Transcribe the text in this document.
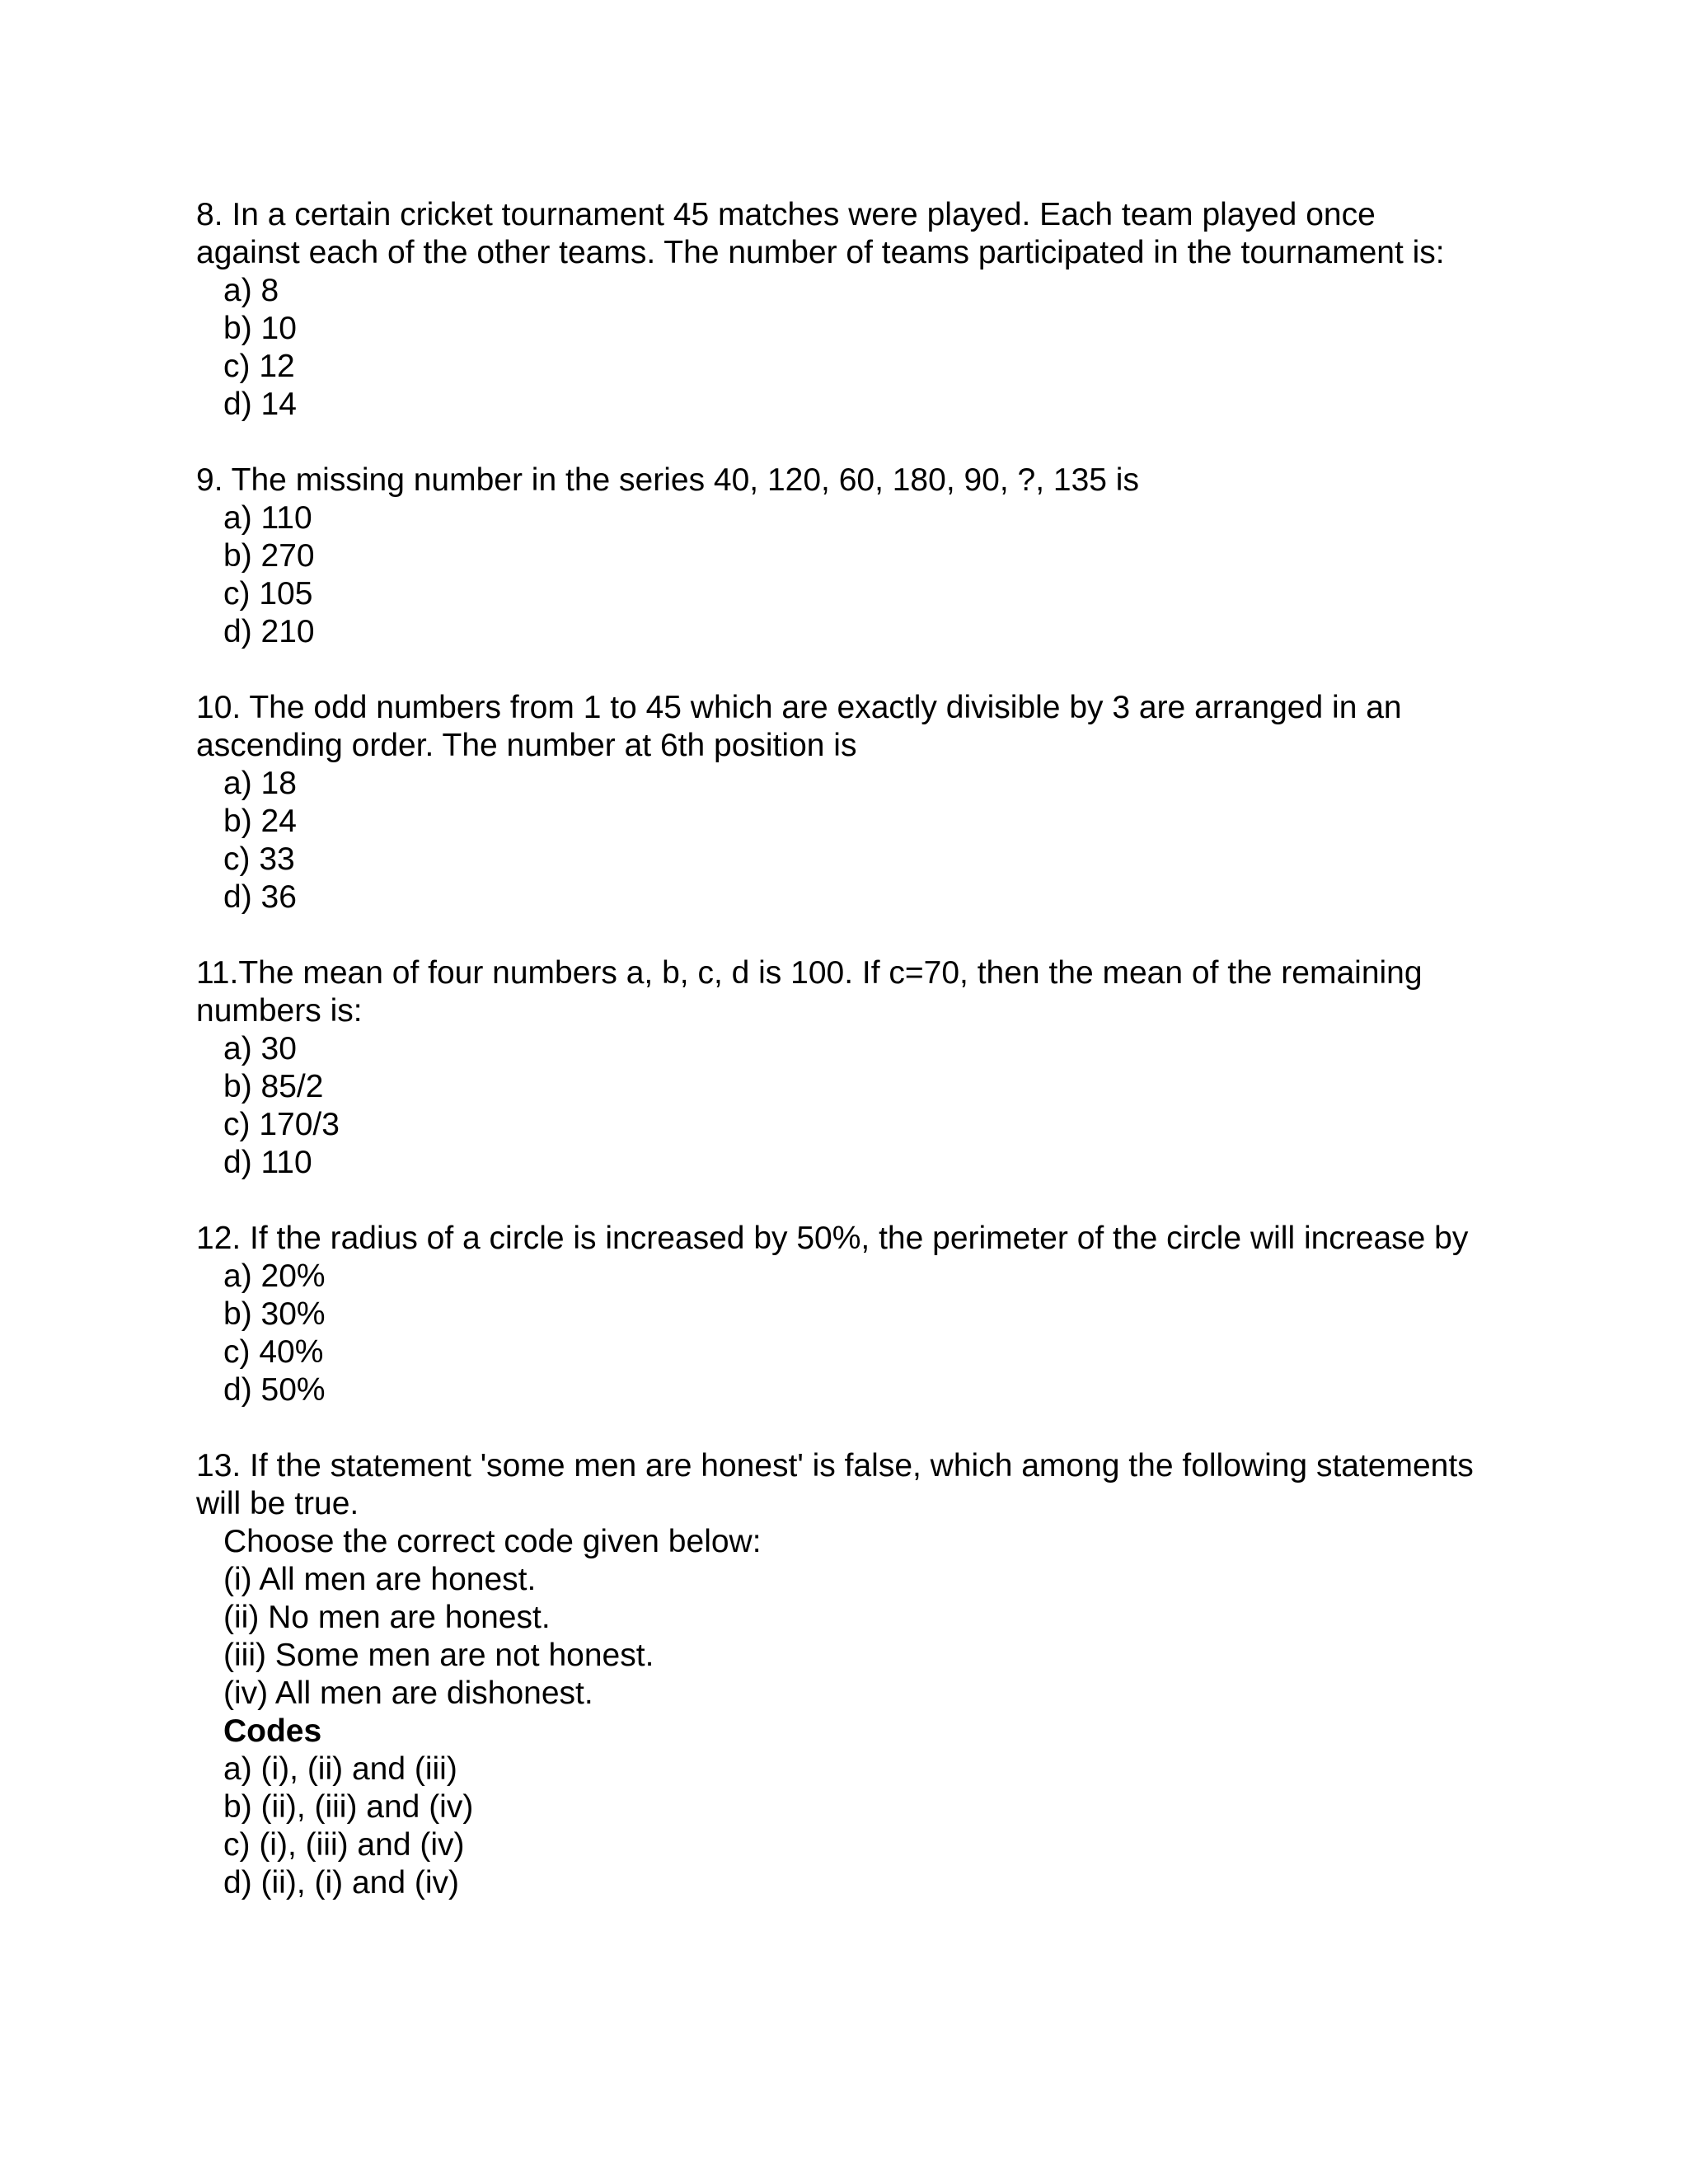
8. In a certain cricket tournament 45 matches were played. Each team played once against each of the other teams. The number of teams participated in the tournament is:

a) 8
b) 10
c) 12
d) 14

9. The missing number in the series 40, 120, 60, 180, 90, ?, 135 is

a) 110
b) 270
c) 105
d) 210

10. The odd numbers from 1 to 45 which are exactly divisible by 3 are arranged in an ascending order. The number at 6th position is

a) 18
b) 24
c) 33
d) 36

11.The mean of four numbers a, b, c, d is 100. If c=70, then the mean of the remaining numbers is:

a) 30
b) 85/2
c) 170/3
d) 110

12. If the radius of a circle is increased by 50%, the perimeter of the circle will increase by

a) 20%
b) 30%
c) 40%
d) 50%

13. If the statement 'some men are honest' is false, which among the following statements will be true.

Choose the correct code given below:
(i) All men are honest.
(ii) No men are honest.
(iii) Some men are not honest.
(iv) All men are dishonest.
Codes
a) (i), (ii) and (iii)
b) (ii), (iii) and (iv)
c) (i), (iii) and (iv)
d) (ii), (i) and (iv)
